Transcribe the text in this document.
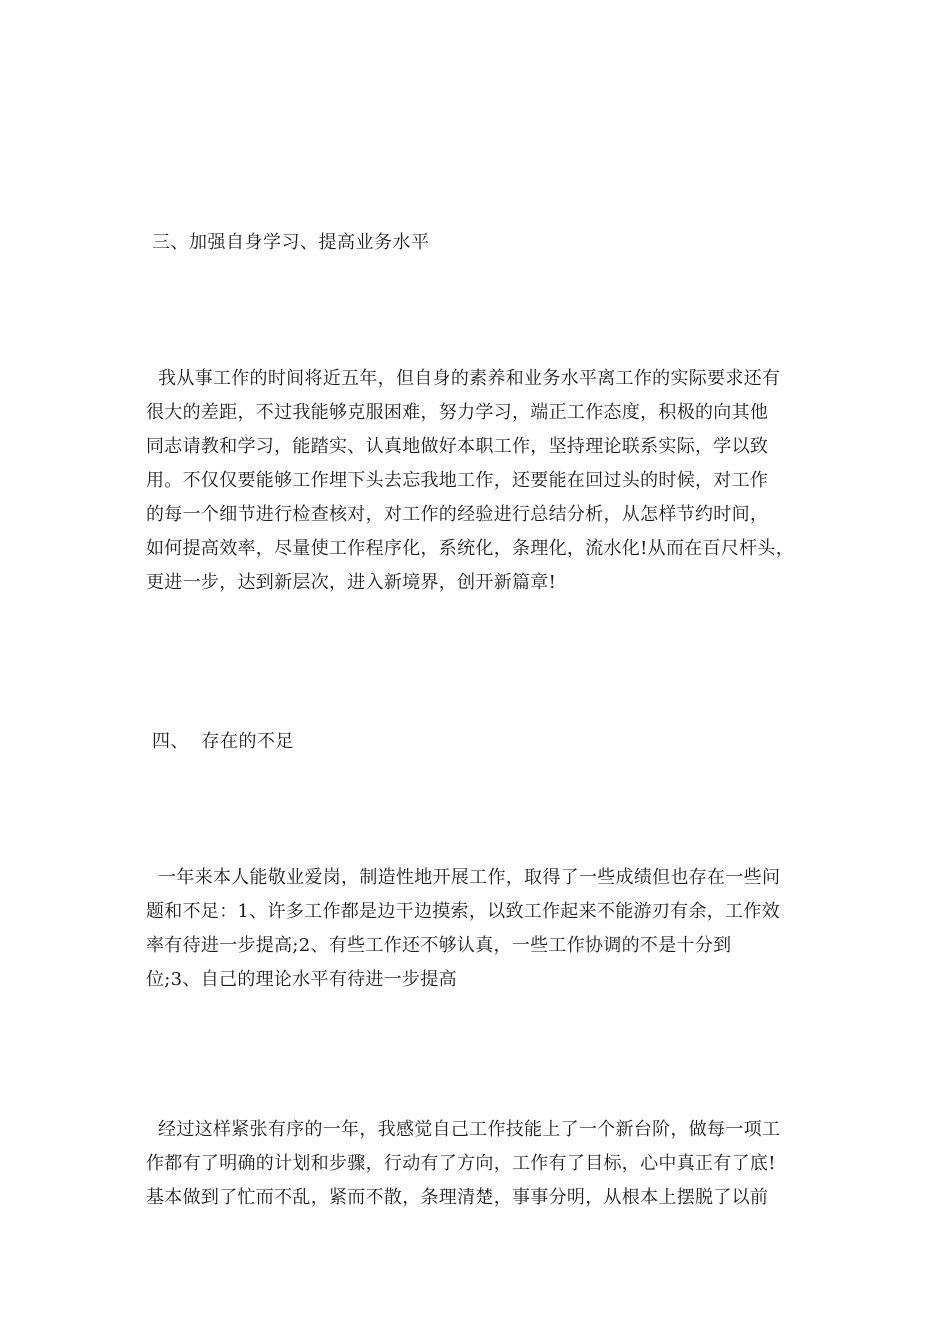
三、加强自身学习、提高业务水平
我从事工作的时间将近五年，但自身的素养和业务水平离工作的实际要求还有
很大的差距，不过我能够克服困难，努力学习，端正工作态度，积极的向其他
同志请教和学习，能踏实、认真地做好本职工作，坚持理论联系实际，学以致
用。不仅仅要能够工作埋下头去忘我地工作，还要能在回过头的时候，对工作
的每一个细节进行检查核对，对工作的经验进行总结分析，从怎样节约时间，
如何提高效率，尽量使工作程序化，系统化，条理化，流水化!从而在百尺杆头，
更进一步，达到新层次，进入新境界，创开新篇章!
四、  存在的不足
一年来本人能敬业爱岗，制造性地开展工作，取得了一些成绩但也存在一些问
题和不足：1、许多工作都是边干边摸索，以致工作起来不能游刃有余，工作效
率有待进一步提高;2、有些工作还不够认真，一些工作协调的不是十分到
位;3、自己的理论水平有待进一步提高
经过这样紧张有序的一年，我感觉自己工作技能上了一个新台阶，做每一项工
作都有了明确的计划和步骤，行动有了方向，工作有了目标，心中真正有了底!
基本做到了忙而不乱，紧而不散，条理清楚，事事分明，从根本上摆脱了以前
